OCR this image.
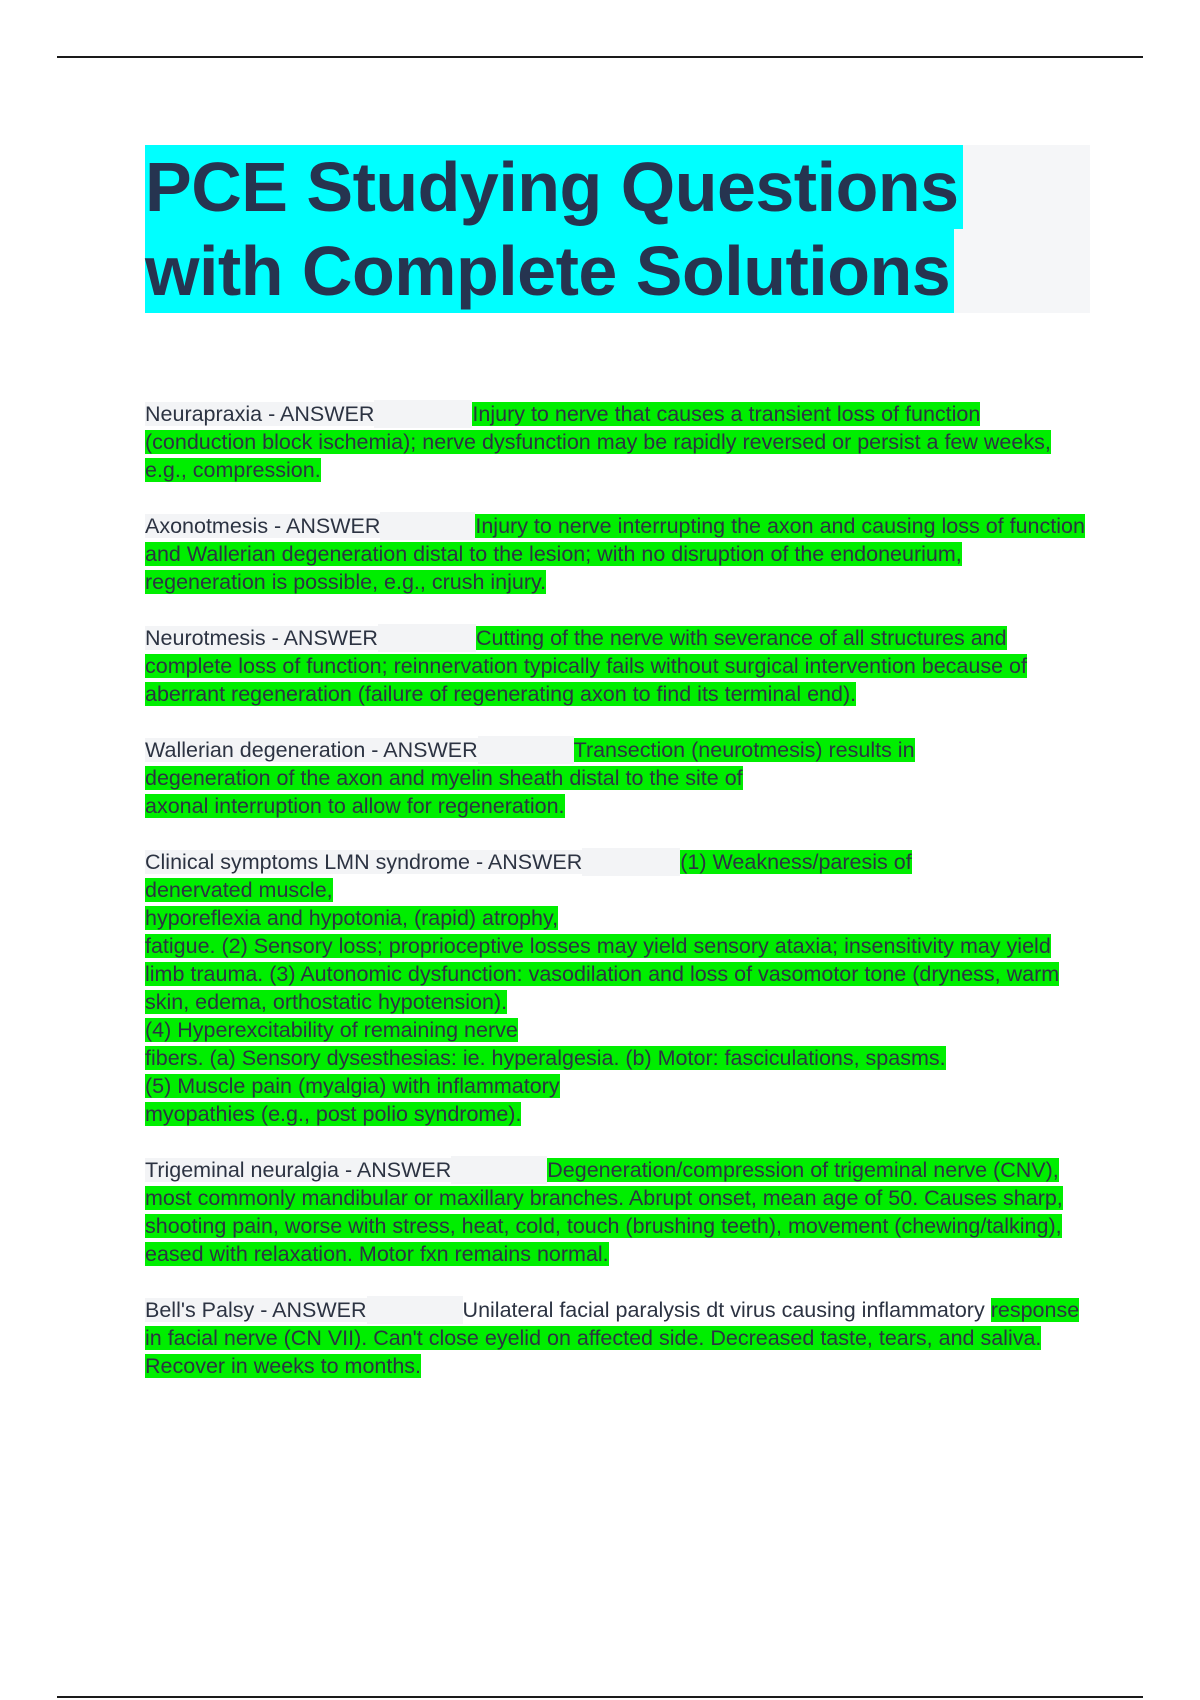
PCE Studying Questions
with Complete Solutions

Neurapraxia - ANSWER	Injury to nerve that causes a transient loss of function (conduction block ischemia); nerve dysfunction may be rapidly reversed or persist a few weeks, e.g., compression.

Axonotmesis - ANSWER	Injury to nerve interrupting the axon and causing loss of function and Wallerian degeneration distal to the lesion; with no disruption of the endoneurium, regeneration is possible, e.g., crush injury.

Neurotmesis - ANSWER	Cutting of the nerve with severance of all structures and complete loss of function; reinnervation typically fails without surgical intervention because of aberrant regeneration (failure of regenerating axon to find its terminal end).

Wallerian degeneration - ANSWER	Transection (neurotmesis) results in
degeneration of the axon and myelin sheath distal to the site of
axonal interruption to allow for regeneration.

Clinical symptoms LMN syndrome - ANSWER	(1) Weakness/paresis of
denervated muscle,
hyporeflexia and hypotonia, (rapid) atrophy,
fatigue. (2) Sensory loss; proprioceptive losses may yield sensory ataxia; insensitivity may yield limb trauma. (3) Autonomic dysfunction: vasodilation and loss of vasomotor tone (dryness, warm skin, edema, orthostatic hypotension).
(4) Hyperexcitability of remaining nerve
fibers. (a) Sensory dysesthesias: ie. hyperalgesia. (b) Motor: fasciculations, spasms.
(5) Muscle pain (myalgia) with inflammatory
myopathies (e.g., post polio syndrome).

Trigeminal neuralgia - ANSWER	Degeneration/compression of trigeminal nerve (CNV), most commonly mandibular or maxillary branches. Abrupt onset, mean age of 50. Causes sharp, shooting pain, worse with stress, heat, cold, touch (brushing teeth), movement (chewing/talking), eased with relaxation. Motor fxn remains normal.

Bell's Palsy - ANSWER	Unilateral facial paralysis dt virus causing inflammatory response in facial nerve (CN VII). Can't close eyelid on affected side. Decreased taste, tears, and saliva. Recover in weeks to months.
